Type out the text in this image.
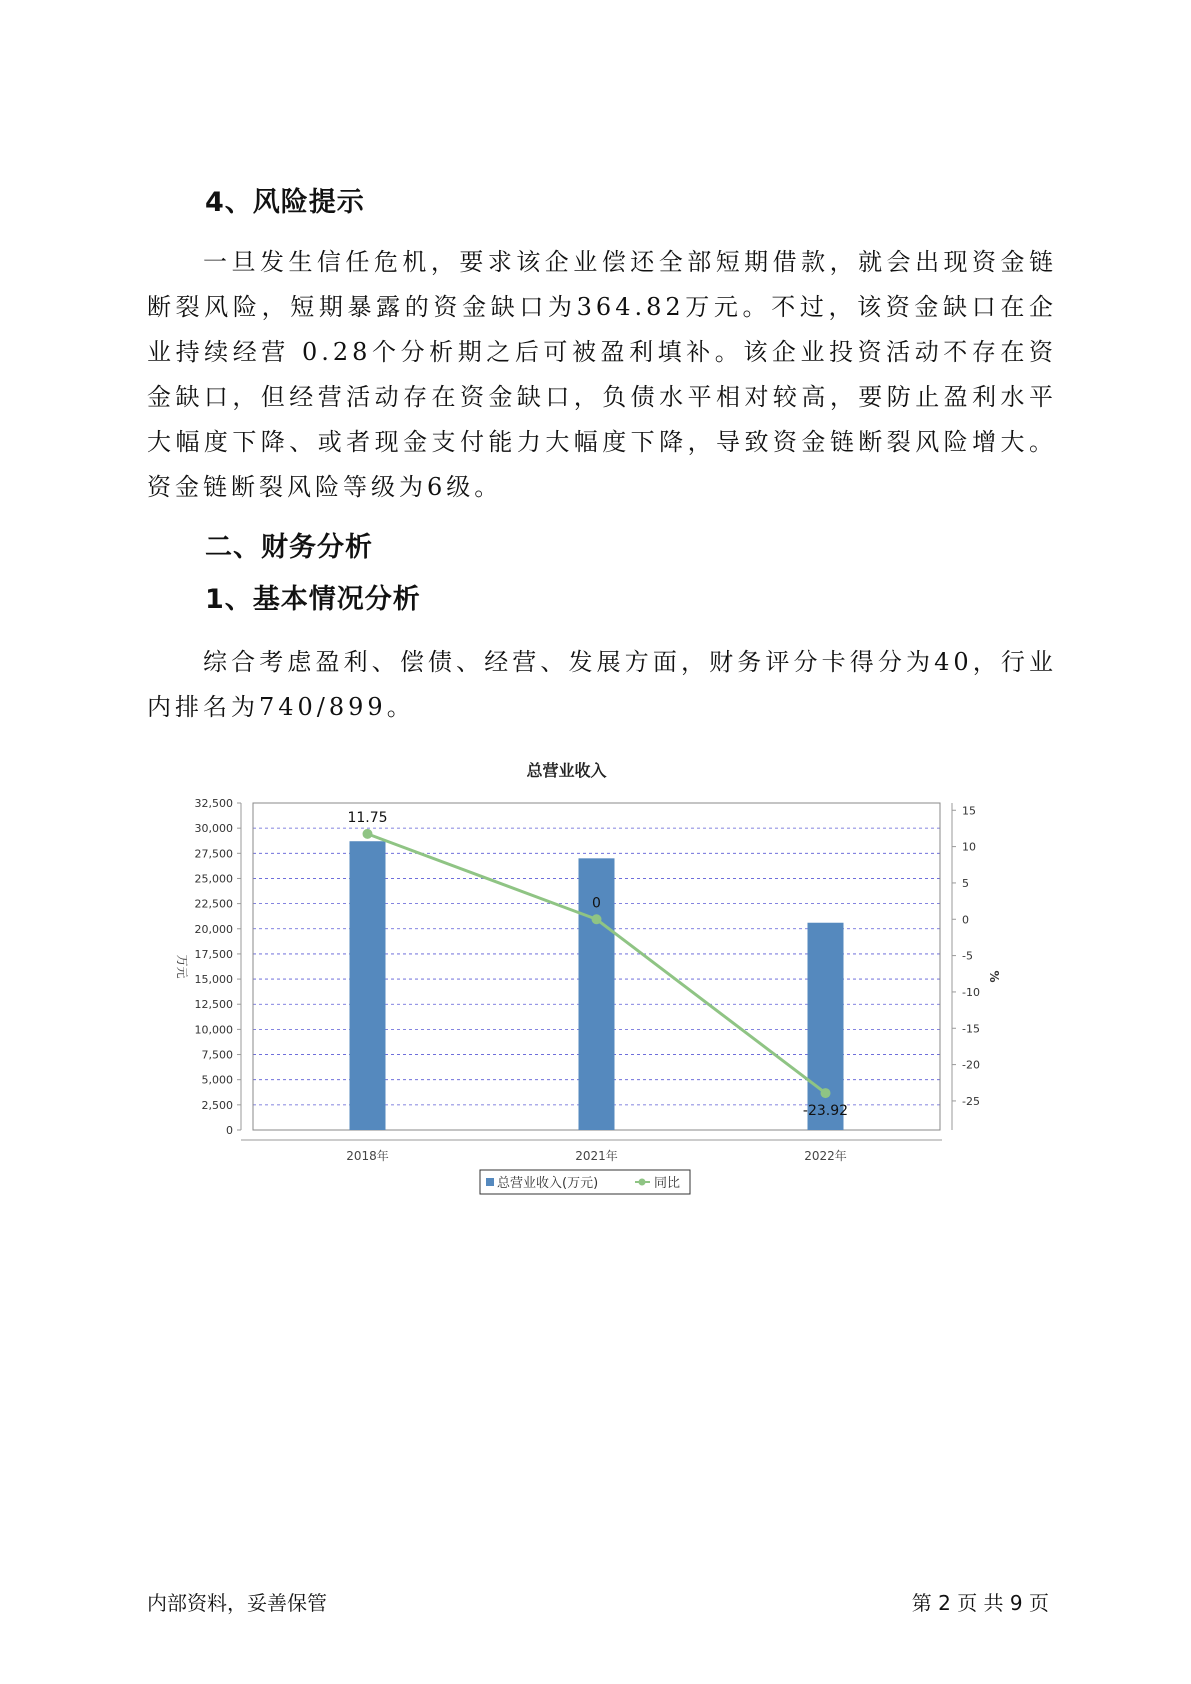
4、风险提示

一旦发生信任危机，要求该企业偿还全部短期借款，就会出现资金链断裂风险，短期暴露的资金缺口为364.82万元。不过，该资金缺口在企业持续经营 0.28个分析期之后可被盈利填补。该企业投资活动不存在资金缺口，但经营活动存在资金缺口，负债水平相对较高，要防止盈利水平大幅度下降、或者现金支付能力大幅度下降，导致资金链断裂风险增大。资金链断裂风险等级为6级。

二、财务分析
1、基本情况分析

综合考虑盈利、偿债、经营、发展方面，财务评分卡得分为40，行业内排名为740/899。

总营业收入
0
2,500
5,000
7,500
10,000
12,500
15,000
17,500
20,000
22,500
25,000
27,500
30,000
32,500
万元
-25
-20
-15
-10
-5
0
5
10
15
%
2018年	2021年	2022年
11.75
0
-23.92
总营业收入(万元)	同比
内部资料，妥善保管	第 2 页 共 9 页
